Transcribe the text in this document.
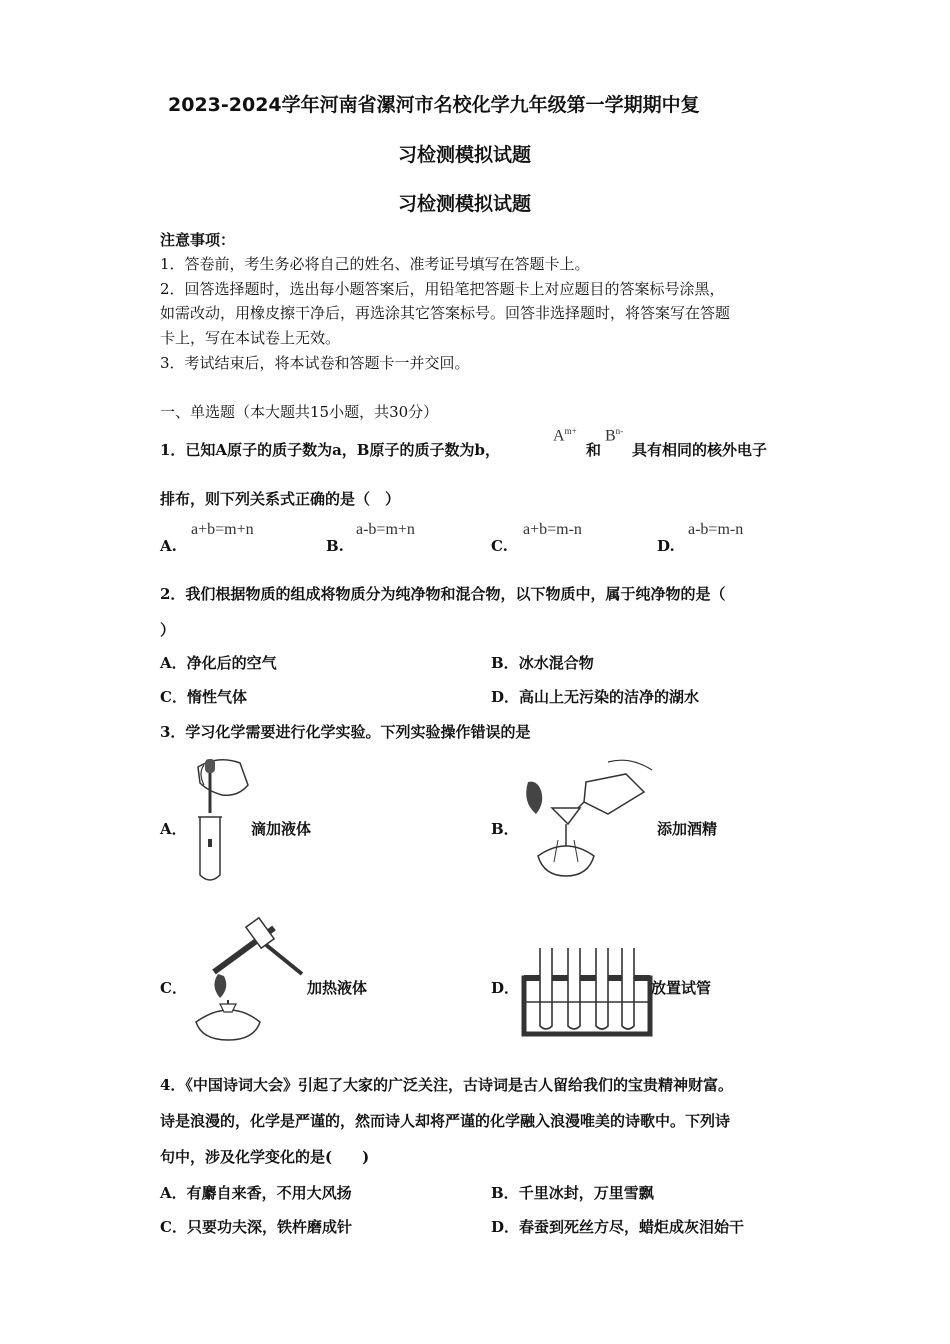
2023-2024学年河南省漯河市名校化学九年级第一学期期中复
习检测模拟试题
习检测模拟试题
注意事项：
1．答卷前，考生务必将自己的姓名、准考证号填写在答题卡上。
2．回答选择题时，选出每小题答案后，用铅笔把答题卡上对应题目的答案标号涂黑，
如需改动，用橡皮擦干净后，再选涂其它答案标号。回答非选择题时，将答案写在答题
卡上，写在本试卷上无效。
3．考试结束后，将本试卷和答题卡一并交回。
一、单选题（本大题共15小题，共30分）
1．已知A原子的质子数为a，B原子的质子数为b，
$A^{m+}$
和
$B^{n-}$
具有相同的核外电子
排布，则下列关系式正确的是（　）
A.
a+b=m+n
B.
a-b=m+n
C.
a+b=m-n
D.
a-b=m-n
2．我们根据物质的组成将物质分为纯净物和混合物，以下物质中，属于纯净物的是（
）
A．净化后的空气	B．冰水混合物
C．惰性气体	D．高山上无污染的洁净的湖水
3．学习化学需要进行化学实验。下列实验操作错误的是
A．	滴加液体	B．	添加酒精
C．	加热液体	D．	放置试管
4．《中国诗词大会》引起了大家的广泛关注，古诗词是古人留给我们的宝贵精神财富。
诗是浪漫的，化学是严谨的，然而诗人却将严谨的化学融入浪漫唯美的诗歌中。下列诗
句中，涉及化学变化的是(　　)
A．有麝自来香，不用大风扬	B．千里冰封，万里雪飘
C．只要功夫深，铁杵磨成针	D．春蚕到死丝方尽，蜡炬成灰泪始干
